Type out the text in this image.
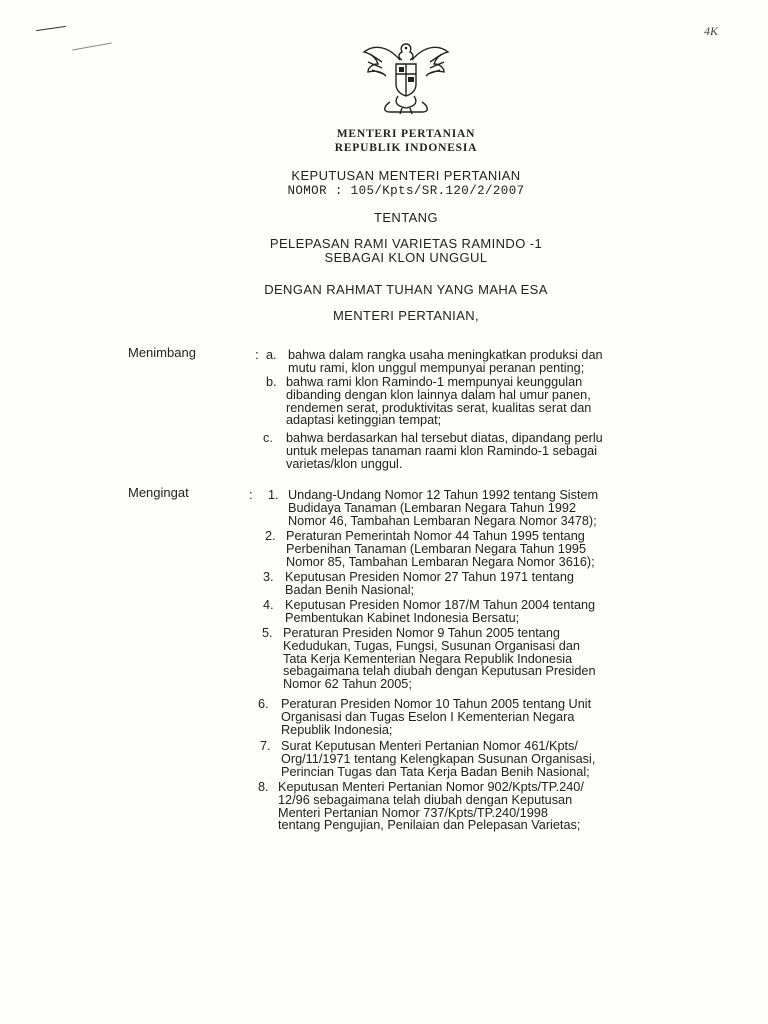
4K
MENTERI PERTANIAN
REPUBLIK INDONESIA
KEPUTUSAN MENTERI PERTANIAN
NOMOR : 105/Kpts/SR.120/2/2007
TENTANG
PELEPASAN RAMI VARIETAS RAMINDO -1
SEBAGAI KLON UNGGUL
DENGAN RAHMAT TUHAN YANG MAHA ESA
MENTERI PERTANIAN,
Menimbang	: a. bahwa dalam rangka usaha meningkatkan produksi dan
mutu rami, klon unggul mempunyai peranan penting;
b. bahwa rami klon Ramindo-1 mempunyai keunggulan
dibanding dengan klon lainnya dalam hal umur panen,
rendemen serat, produktivitas serat, kualitas serat dan
adaptasi ketinggian tempat;
c. bahwa berdasarkan hal tersebut diatas, dipandang perlu
untuk melepas tanaman raami klon Ramindo-1 sebagai
varietas/klon unggul.
Mengingat	: 1. Undang-Undang Nomor 12 Tahun 1992 tentang Sistem
Budidaya Tanaman (Lembaran Negara Tahun 1992
Nomor 46, Tambahan Lembaran Negara Nomor 3478);
2. Peraturan Pemerintah Nomor 44 Tahun 1995 tentang
Perbenihan Tanaman (Lembaran Negara Tahun 1995
Nomor 85, Tambahan Lembaran Negara Nomor 3616);
3. Keputusan Presiden Nomor 27 Tahun 1971 tentang
Badan Benih Nasional;
4. Keputusan Presiden Nomor 187/M Tahun 2004 tentang
Pembentukan Kabinet Indonesia Bersatu;
5. Peraturan Presiden Nomor 9 Tahun 2005 tentang
Kedudukan, Tugas, Fungsi, Susunan Organisasi dan
Tata Kerja Kementerian Negara Republik Indonesia
sebagaimana telah diubah dengan Keputusan Presiden
Nomor 62 Tahun 2005;
6. Peraturan Presiden Nomor 10 Tahun 2005 tentang Unit
Organisasi dan Tugas Eselon I Kementerian Negara
Republik Indonesia;
7. Surat Keputusan Menteri Pertanian Nomor 461/Kpts/
Org/11/1971 tentang Kelengkapan Susunan Organisasi,
Perincian Tugas dan Tata Kerja Badan Benih Nasional;
8. Keputusan Menteri Pertanian Nomor 902/Kpts/TP.240/
12/96 sebagaimana telah diubah dengan Keputusan
Menteri Pertanian Nomor 737/Kpts/TP.240/1998
tentang Pengujian, Penilaian dan Pelepasan Varietas;
